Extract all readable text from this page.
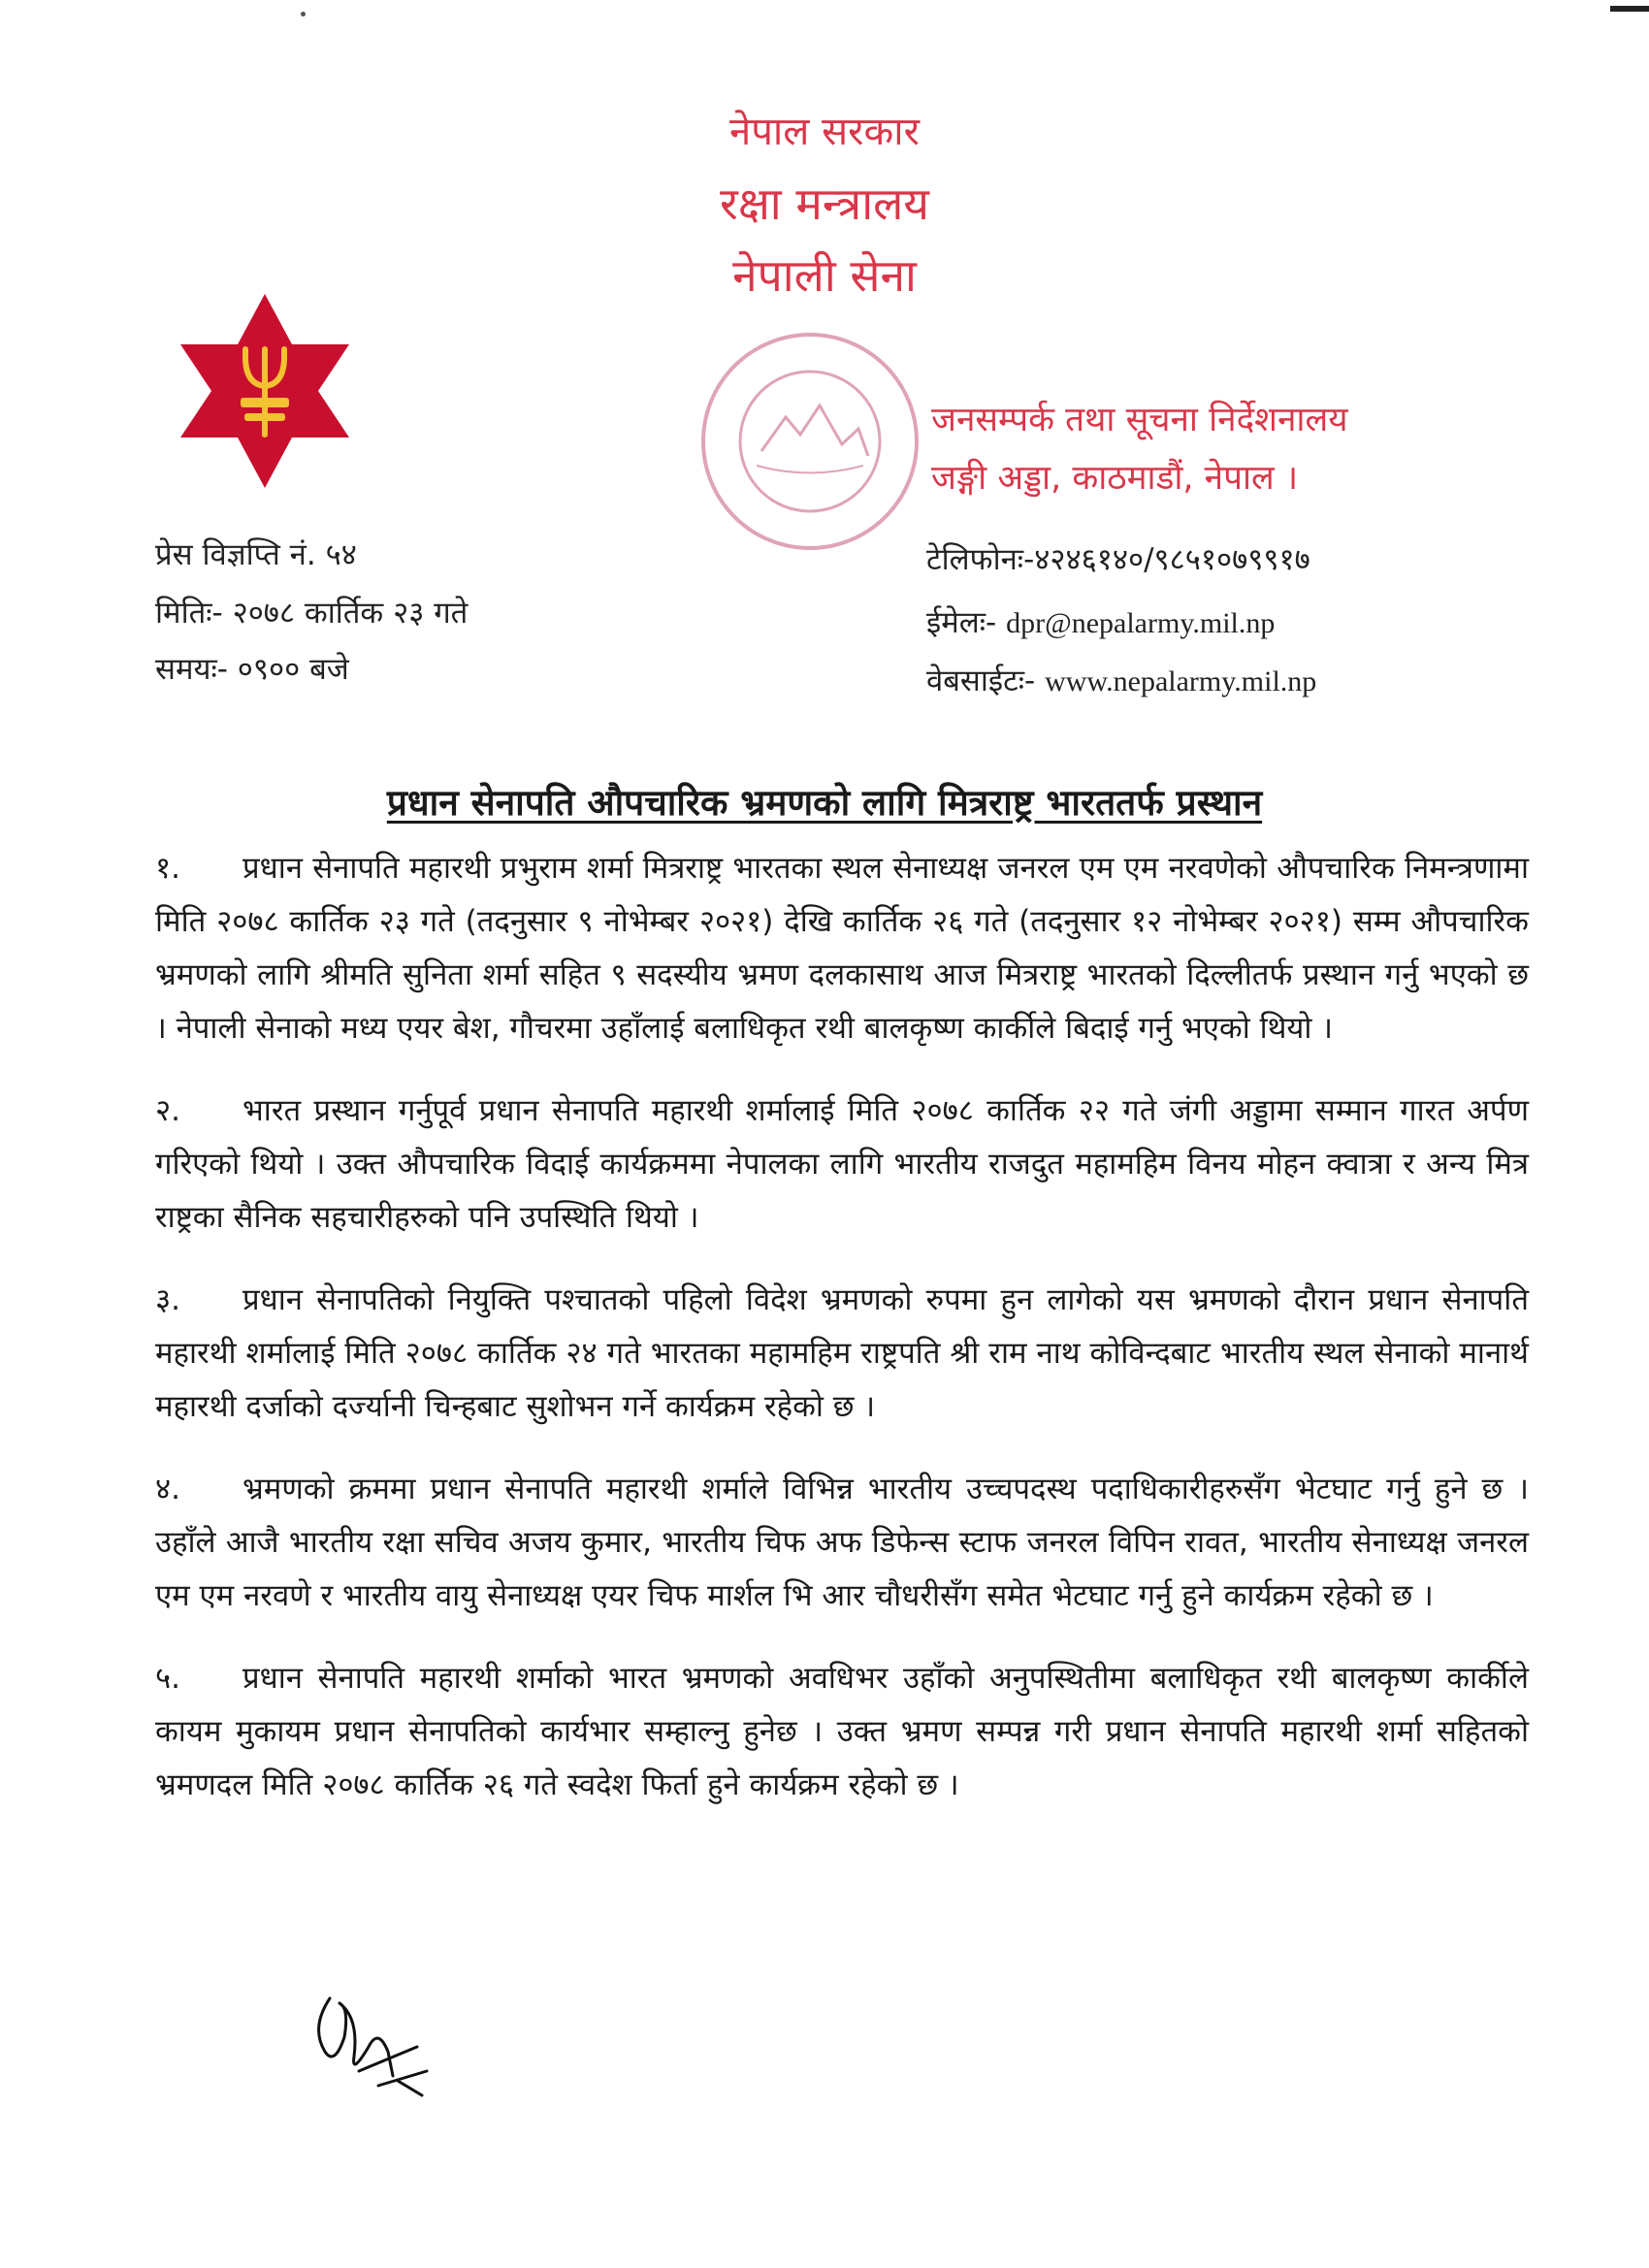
नेपाल सरकार
रक्षा मन्त्रालय
नेपाली सेना
जनसम्पर्क तथा सूचना निर्देशनालय
जङ्गी अड्डा, काठमाडौं, नेपाल ।
प्रेस विज्ञप्ति नं. ५४
मितिः- २०७८ कार्तिक २३ गते
समयः- ०९०० बजे
टेलिफोनः-४२४६१४०/९८५१०७९९१७
ईमेलः- dpr@nepalarmy.mil.np
वेबसाईटः- www.nepalarmy.mil.np
प्रधान सेनापति औपचारिक भ्रमणको लागि मित्रराष्ट्र भारततर्फ प्रस्थान

१. प्रधान सेनापति महारथी प्रभुराम शर्मा मित्रराष्ट्र भारतका स्थल सेनाध्यक्ष जनरल एम एम नरवणेको औपचारिक निमन्त्रणामा मिति २०७८ कार्तिक २३ गते (तदनुसार ९ नोभेम्बर २०२१) देखि कार्तिक २६ गते (तदनुसार १२ नोभेम्बर २०२१) सम्म औपचारिक भ्रमणको लागि श्रीमति सुनिता शर्मा सहित ९ सदस्यीय भ्रमण दलकासाथ आज मित्रराष्ट्र भारतको दिल्लीतर्फ प्रस्थान गर्नु भएको छ । नेपाली सेनाको मध्य एयर बेश, गौचरमा उहाँलाई बलाधिकृत रथी बालकृष्ण कार्कीले बिदाई गर्नु भएको थियो ।

२. भारत प्रस्थान गर्नुपूर्व प्रधान सेनापति महारथी शर्मालाई मिति २०७८ कार्तिक २२ गते जंगी अड्डामा सम्मान गारत अर्पण गरिएको थियो । उक्त औपचारिक विदाई कार्यक्रममा नेपालका लागि भारतीय राजदुत महामहिम विनय मोहन क्वात्रा र अन्य मित्र राष्ट्रका सैनिक सहचारीहरुको पनि उपस्थिति थियो ।

३. प्रधान सेनापतिको नियुक्ति पश्चातको पहिलो विदेश भ्रमणको रुपमा हुन लागेको यस भ्रमणको दौरान प्रधान सेनापति महारथी शर्मालाई मिति २०७८ कार्तिक २४ गते भारतका महामहिम राष्ट्रपति श्री राम नाथ कोविन्दबाट भारतीय स्थल सेनाको मानार्थ महारथी दर्जाको दर्ज्यानी चिन्हबाट सुशोभन गर्ने कार्यक्रम रहेको छ ।

४. भ्रमणको क्रममा प्रधान सेनापति महारथी शर्माले विभिन्न भारतीय उच्चपदस्थ पदाधिकारीहरुसँग भेटघाट गर्नु हुने छ । उहाँले आजै भारतीय रक्षा सचिव अजय कुमार, भारतीय चिफ अफ डिफेन्स स्टाफ जनरल विपिन रावत, भारतीय सेनाध्यक्ष जनरल एम एम नरवणे र भारतीय वायु सेनाध्यक्ष एयर चिफ मार्शल भि आर चौधरीसँग समेत भेटघाट गर्नु हुने कार्यक्रम रहेको छ ।

५. प्रधान सेनापति महारथी शर्माको भारत भ्रमणको अवधिभर उहाँको अनुपस्थितीमा बलाधिकृत रथी बालकृष्ण कार्कीले कायम मुकायम प्रधान सेनापतिको कार्यभार सम्हाल्नु हुनेछ । उक्त भ्रमण सम्पन्न गरी प्रधान सेनापति महारथी शर्मा सहितको भ्रमणदल मिति २०७८ कार्तिक २६ गते स्वदेश फिर्ता हुने कार्यक्रम रहेको छ ।
